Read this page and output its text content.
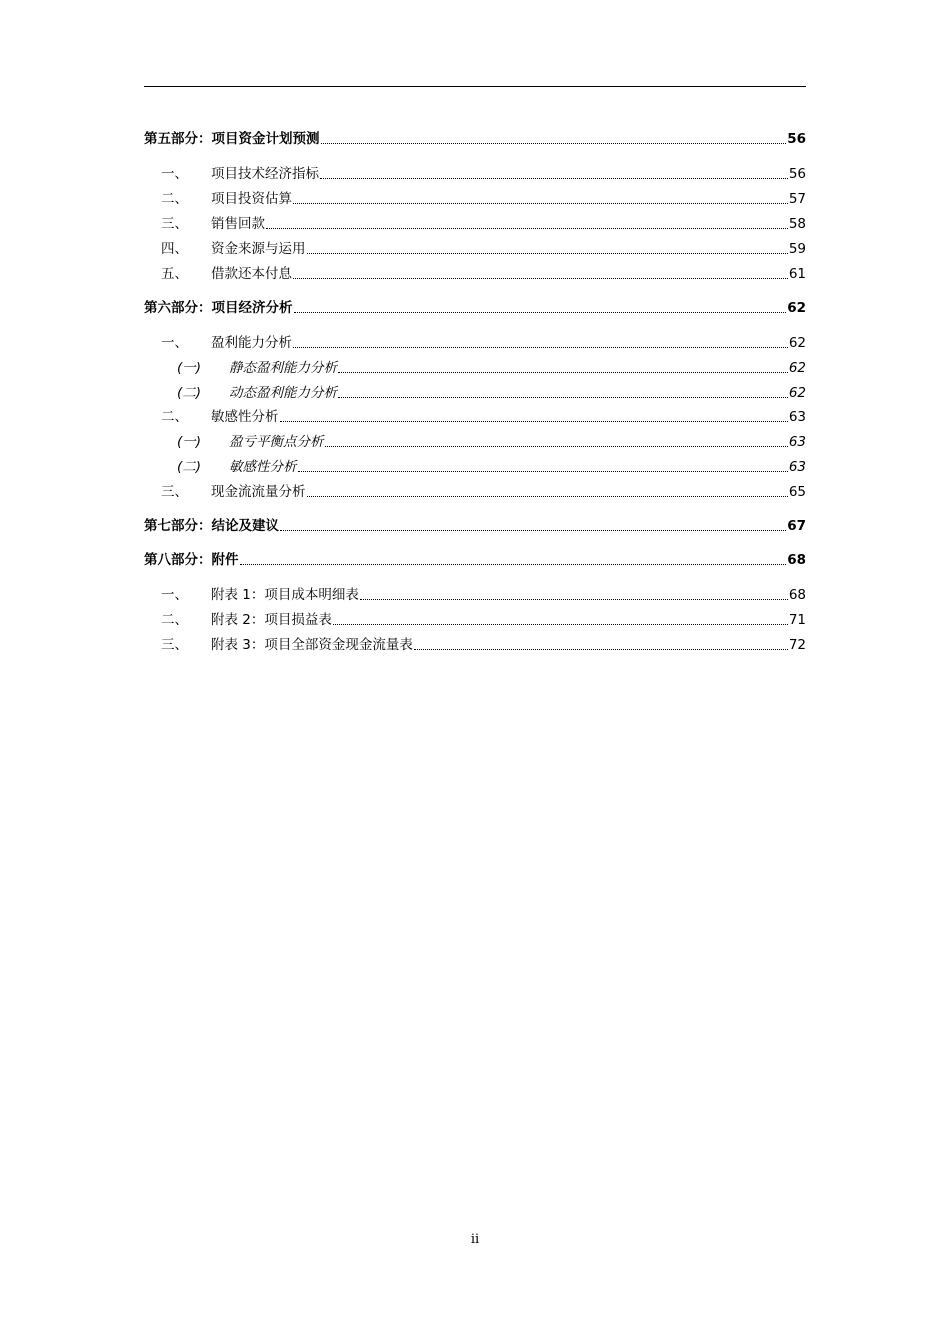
第五部分： 项目资金计划预测	56
一、	项目技术经济指标	56
二、	项目投资估算	57
三、	销售回款	58
四、	资金来源与运用	59
五、	借款还本付息	61
第六部分： 项目经济分析	62
一、	盈利能力分析	62
(一)	静态盈利能力分析	62
(二)	动态盈利能力分析	62
二、	敏感性分析	63
(一)	盈亏平衡点分析	63
(二)	敏感性分析	63
三、	现金流流量分析	65
第七部分： 结论及建议	67
第八部分： 附件	68
一、	附表 1：项目成本明细表	68
二、	附表 2：项目损益表	71
三、	附表 3：项目全部资金现金流量表	72
ii
